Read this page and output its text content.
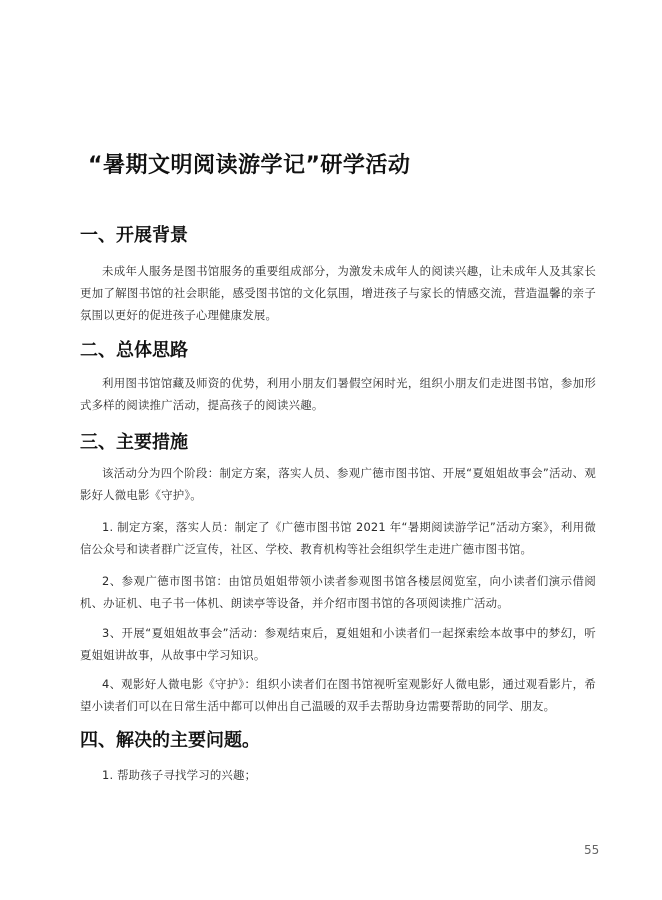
“暑期文明阅读游学记”研学活动
一、开展背景
未成年人服务是图书馆服务的重要组成部分，为激发未成年人的阅读兴趣，让未成年人及其家长更加了解图书馆的社会职能，感受图书馆的文化氛围，增进孩子与家长的情感交流，营造温馨的亲子氛围以更好的促进孩子心理健康发展。
二、总体思路
利用图书馆馆藏及师资的优势，利用小朋友们暑假空闲时光，组织小朋友们走进图书馆，参加形式多样的阅读推广活动，提高孩子的阅读兴趣。
三、主要措施
该活动分为四个阶段：制定方案，落实人员、参观广德市图书馆、开展“夏姐姐故事会”活动、观影好人微电影《守护》。
1. 制定方案，落实人员：制定了《广德市图书馆 2021 年“暑期阅读游学记”活动方案》，利用微信公众号和读者群广泛宣传，社区、学校、教育机构等社会组织学生走进广德市图书馆。
2、参观广德市图书馆：由馆员姐姐带领小读者参观图书馆各楼层阅览室，向小读者们演示借阅机、办证机、电子书一体机、朗读亭等设备，并介绍市图书馆的各项阅读推广活动。
3、开展“夏姐姐故事会”活动：参观结束后，夏姐姐和小读者们一起探索绘本故事中的梦幻，听夏姐姐讲故事，从故事中学习知识。
4、观影好人微电影《守护》：组织小读者们在图书馆视听室观影好人微电影，通过观看影片，希望小读者们可以在日常生活中都可以伸出自己温暖的双手去帮助身边需要帮助的同学、朋友。
四、解决的主要问题。
1. 帮助孩子寻找学习的兴趣；
55
